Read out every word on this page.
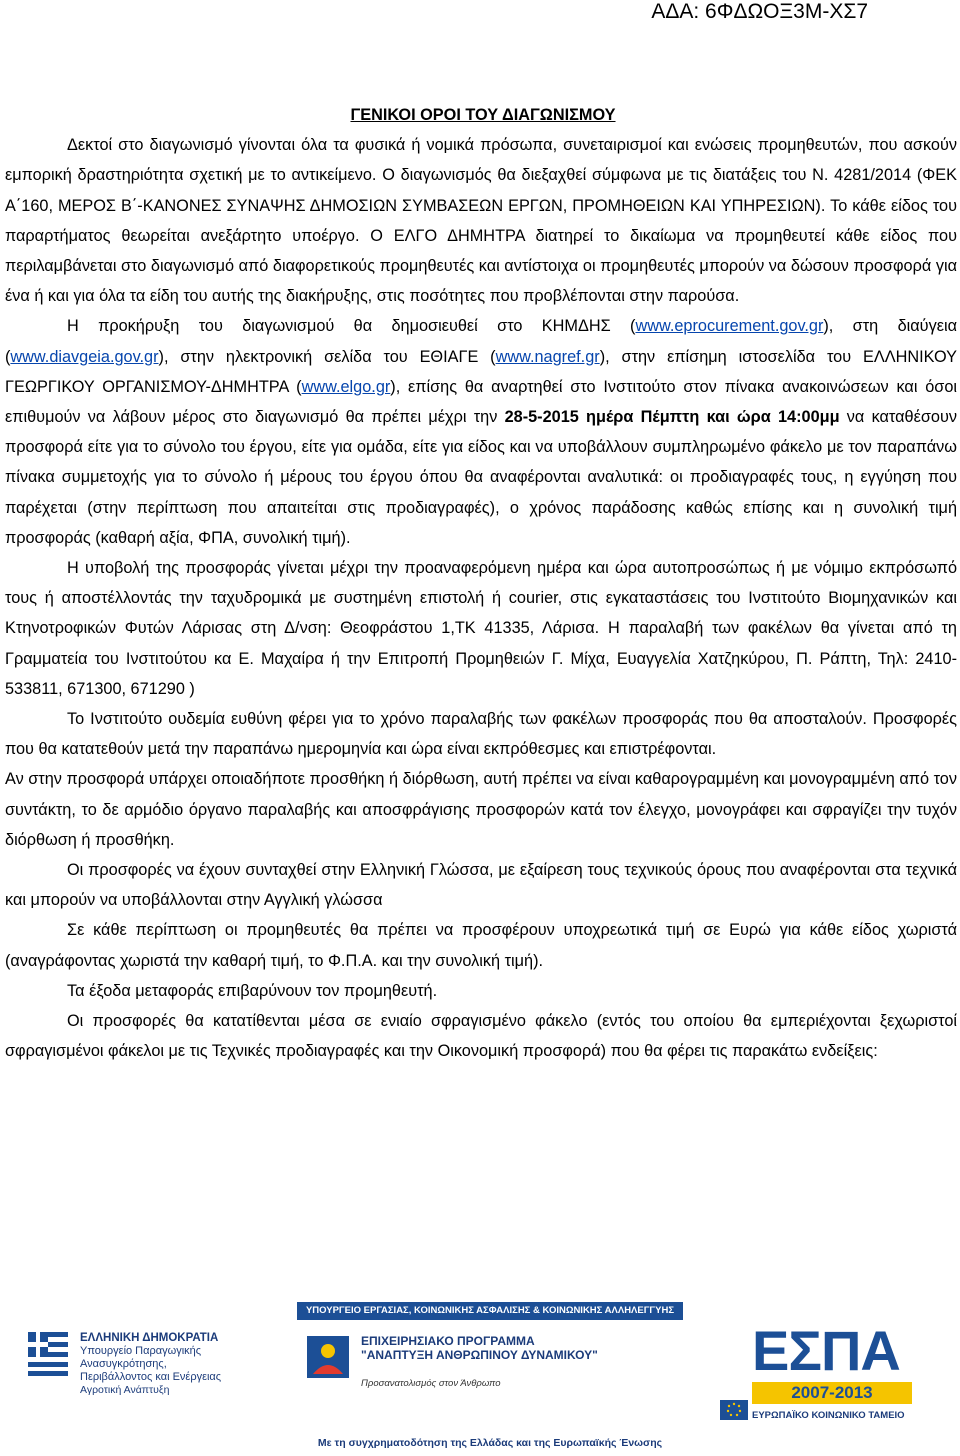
ΑΔΑ: 6ΦΔΩΟΞ3Μ-ΧΣ7

ΓΕΝΙΚΟΙ ΟΡΟΙ ΤΟΥ ΔΙΑΓΩΝΙΣΜΟΥ

Δεκτοί στο διαγωνισμό γίνονται όλα τα φυσικά ή νομικά πρόσωπα, συνεταιρισμοί και ενώσεις προμηθευτών, που ασκούν εμπορική δραστηριότητα σχετική με το αντικείμενο. Ο διαγωνισμός θα διεξαχθεί σύμφωνα με τις διατάξεις του Ν. 4281/2014 (ΦΕΚ Α΄160, ΜΕΡΟΣ Β΄-ΚΑΝΟΝΕΣ ΣΥΝΑΨΗΣ ΔΗΜΟΣΙΩΝ ΣΥΜΒΑΣΕΩΝ ΕΡΓΩΝ, ΠΡΟΜΗΘΕΙΩΝ ΚΑΙ ΥΠΗΡΕΣΙΩΝ). Το κάθε είδος του παραρτήματος θεωρείται ανεξάρτητο υποέργο. Ο ΕΛΓΟ ΔΗΜΗΤΡΑ διατηρεί το δικαίωμα να προμηθευτεί κάθε είδος που περιλαμβάνεται στο διαγωνισμό από διαφορετικούς προμηθευτές και αντίστοιχα οι προμηθευτές μπορούν να δώσουν προσφορά για ένα ή και για όλα τα είδη του αυτής της διακήρυξης, στις ποσότητες που προβλέπονται στην παρούσα.

Η προκήρυξη του διαγωνισμού θα δημοσιευθεί στο ΚΗΜΔΗΣ (www.eprocurement.gov.gr), στη διαύγεια (www.diavgeia.gov.gr), στην ηλεκτρονική σελίδα του ΕΘΙΑΓΕ (www.nagref.gr), στην επίσημη ιστοσελίδα του ΕΛΛΗΝΙΚΟΥ ΓΕΩΡΓΙΚΟΥ ΟΡΓΑΝΙΣΜΟΥ-ΔΗΜΗΤΡΑ (www.elgo.gr), επίσης θα αναρτηθεί στο Ινστιτούτο στον πίνακα ανακοινώσεων και όσοι επιθυμούν να λάβουν μέρος στο διαγωνισμό θα πρέπει μέχρι την 28-5-2015 ημέρα Πέμπτη και ώρα 14:00μμ να καταθέσουν προσφορά είτε για το σύνολο του έργου, είτε για ομάδα, είτε για είδος και να υποβάλλουν συμπληρωμένο φάκελο με τον παραπάνω πίνακα συμμετοχής για το σύνολο ή μέρους του έργου όπου θα αναφέρονται αναλυτικά: οι προδιαγραφές τους, η εγγύηση που παρέχεται (στην περίπτωση που απαιτείται στις προδιαγραφές), ο χρόνος παράδοσης καθώς επίσης και η συνολική τιμή προσφοράς (καθαρή αξία, ΦΠΑ, συνολική τιμή).

Η υποβολή της προσφοράς γίνεται μέχρι την προαναφερόμενη ημέρα και ώρα αυτοπροσώπως ή με νόμιμο εκπρόσωπό τους ή αποστέλλοντάς την ταχυδρομικά με συστημένη επιστολή ή courier, στις εγκαταστάσεις του Ινστιτούτο Βιομηχανικών και Κτηνοτροφικών Φυτών Λάρισας στη Δ/νση: Θεοφράστου 1,ΤΚ 41335, Λάρισα. Η παραλαβή των φακέλων θα γίνεται από τη Γραμματεία του Ινστιτούτου κα Ε. Μαχαίρα ή την Επιτροπή Προμηθειών Γ. Μίχα, Ευαγγελία Χατζηκύρου, Π. Ράπτη, Τηλ: 2410-533811, 671300, 671290 )

Το Ινστιτούτο ουδεμία ευθύνη φέρει για το χρόνο παραλαβής των φακέλων προσφοράς που θα αποσταλούν. Προσφορές που θα κατατεθούν μετά την παραπάνω ημερομηνία και ώρα είναι εκπρόθεσμες και επιστρέφονται.

Αν στην προσφορά υπάρχει οποιαδήποτε προσθήκη ή διόρθωση, αυτή πρέπει να είναι καθαρογραμμένη και μονογραμμένη από τον συντάκτη, το δε αρμόδιο όργανο παραλαβής και αποσφράγισης προσφορών κατά τον έλεγχο, μονογράφει και σφραγίζει την τυχόν διόρθωση ή προσθήκη.

Οι προσφορές να έχουν συνταχθεί στην Ελληνική Γλώσσα, με εξαίρεση τους τεχνικούς όρους που αναφέρονται στα τεχνικά και μπορούν να υποβάλλονται στην Αγγλική γλώσσα

Σε κάθε περίπτωση οι προμηθευτές θα πρέπει να προσφέρουν υποχρεωτικά τιμή σε Ευρώ για κάθε είδος χωριστά (αναγράφοντας χωριστά την καθαρή τιμή, το Φ.Π.Α. και την συνολική τιμή).

Τα έξοδα μεταφοράς επιβαρύνουν τον προμηθευτή.

Οι προσφορές θα κατατίθενται μέσα σε ενιαίο σφραγισμένο φάκελο (εντός του οποίου θα εμπεριέχονται ξεχωριστοί σφραγισμένοι φάκελοι με τις Τεχνικές προδιαγραφές και την Οικονομική προσφορά) που θα φέρει τις παρακάτω ενδείξεις:

ΕΛΛΗΝΙΚΗ ΔΗΜΟΚΡΑΤΙΑ
Υπουργείο Παραγωγικής Ανασυγκρότησης,
Περιβάλλοντος και Ενέργειας
Αγροτική Ανάπτυξη
ΥΠΟΥΡΓΕΙΟ ΕΡΓΑΣΙΑΣ, ΚΟΙΝΩΝΙΚΗΣ ΑΣΦΑΛΙΣΗΣ & ΚΟΙΝΩΝΙΚΗΣ ΑΛΛΗΛΕΓΓΥΗΣ
ΕΠΙΧΕΙΡΗΣΙΑΚΟ ΠΡΟΓΡΑΜΜΑ
"ΑΝΑΠΤΥΞΗ ΑΝΘΡΩΠΙΝΟΥ ΔΥΝΑΜΙΚΟΥ"
Προσανατολισμός στον Άνθρωπο
Με τη συγχρηματοδότηση της Ελλάδας και της Ευρωπαϊκής Ένωσης
ΕΣΠΑ
2007-2013
ΕΥΡΩΠΑΪΚΟ ΚΟΙΝΩΝΙΚΟ ΤΑΜΕΙΟ
